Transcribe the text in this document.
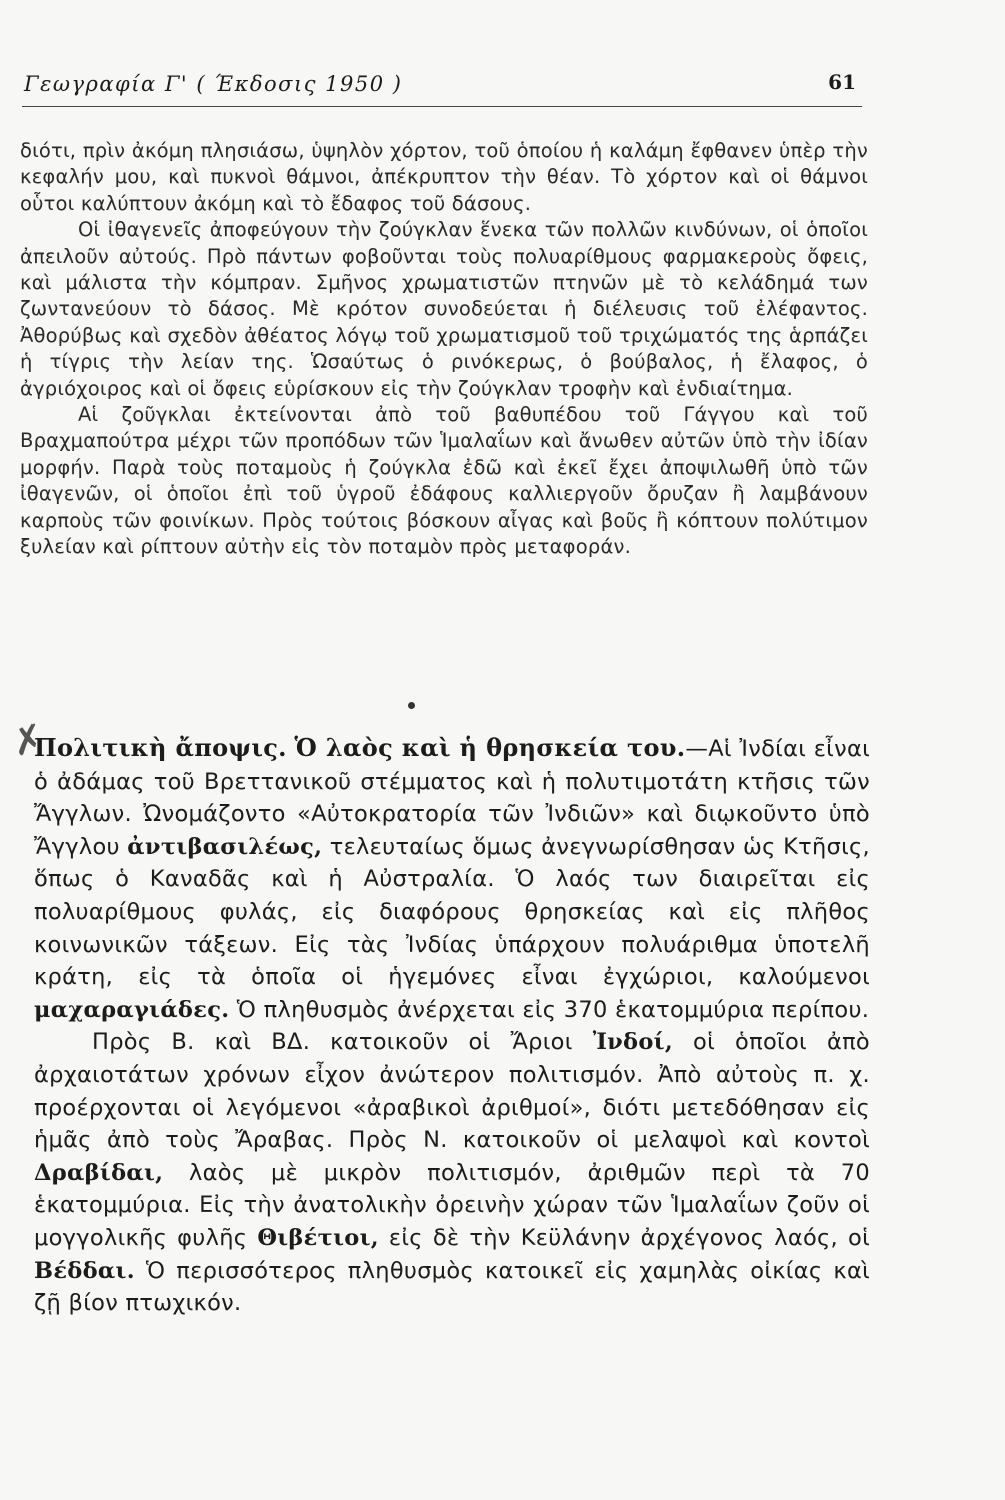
Γεωγραφία Γ' ( Έκδοσις 1950 )	61

διότι, πρὶν ἀκόμη πλησιάσω, ὑψηλὸν χόρτον, τοῦ ὁποίου ἡ καλάμη ἔφθανεν ὑπὲρ τὴν κεφαλήν μου, καὶ πυκνοὶ θάμνοι, ἀπέκρυπτον τὴν θέαν. Τὸ χόρτον καὶ οἱ θάμνοι οὗτοι καλύπτουν ἀκόμη καὶ τὸ ἔδαφος τοῦ δάσους.

Οἱ ἰθαγενεῖς ἀποφεύγουν τὴν ζούγκλαν ἕνεκα τῶν πολλῶν κινδύνων, οἱ ὁποῖοι ἀπειλοῦν αὐτούς. Πρὸ πάντων φοβοῦνται τοὺς πολυαρίθμους φαρμακεροὺς ὄφεις, καὶ μάλιστα τὴν κόμπραν. Σμῆνος χρωματιστῶν πτηνῶν μὲ τὸ κελάδημά των ζωντανεύουν τὸ δάσος. Μὲ κρότον συνοδεύεται ἡ διέλευσις τοῦ ἐλέφαντος. Ἀθορύβως καὶ σχεδὸν ἀθέατος λόγῳ τοῦ χρωματισμοῦ τοῦ τριχώματός της ἁρπάζει ἡ τίγρις τὴν λείαν της. Ὡσαύτως ὁ ρινόκερως, ὁ βούβαλος, ἡ ἔλαφος, ὁ ἀγριόχοιρος καὶ οἱ ὄφεις εὑρίσκουν εἰς τὴν ζούγκλαν τροφὴν καὶ ἐνδιαίτημα.

Αἱ ζοῦγκλαι ἐκτείνονται ἀπὸ τοῦ βαθυπέδου τοῦ Γάγγου καὶ τοῦ Βραχμαπούτρα μέχρι τῶν προπόδων τῶν Ἱμαλαΐων καὶ ἄνωθεν αὐτῶν ὑπὸ τὴν ἰδίαν μορφήν. Παρὰ τοὺς ποταμοὺς ἡ ζούγκλα ἐδῶ καὶ ἐκεῖ ἔχει ἀποψιλωθῆ ὑπὸ τῶν ἰθαγενῶν, οἱ ὁποῖοι ἐπὶ τοῦ ὑγροῦ ἐδάφους καλλιεργοῦν ὄρυζαν ἢ λαμβάνουν καρποὺς τῶν φοινίκων. Πρὸς τούτοις βόσκουν αἶγας καὶ βοῦς ἢ κόπτουν πολύτιμον ξυλείαν καὶ ρίπτουν αὐτὴν εἰς τὸν ποταμὸν πρὸς μεταφοράν.

✗

Πολιτικὴ ἄποψις. Ὁ λαὸς καὶ ἡ θρησκεία του.—Αἱ Ἰνδίαι εἶναι ὁ ἀδάμας τοῦ Βρεττανικοῦ στέμματος καὶ ἡ πολυτιμοτάτη κτῆσις τῶν Ἄγγλων. Ὠνομάζοντο «Αὐτοκρατορία τῶν Ἰνδιῶν» καὶ διῳκοῦντο ὑπὸ Ἄγγλου ἀντιβασιλέως, τελευταίως ὅμως ἀνεγνωρίσθησαν ὡς Κτῆσις, ὅπως ὁ Καναδᾶς καὶ ἡ Αὐστραλία. Ὁ λαός των διαιρεῖται εἰς πολυαρίθμους φυλάς, εἰς διαφόρους θρησκείας καὶ εἰς πλῆθος κοινωνικῶν τάξεων. Εἰς τὰς Ἰνδίας ὑπάρχουν πολυάριθμα ὑποτελῆ κράτη, εἰς τὰ ὁποῖα οἱ ἡγεμόνες εἶναι ἐγχώριοι, καλούμενοι μαχαραγιάδες. Ὁ πληθυσμὸς ἀνέρχεται εἰς 370 ἑκατομμύρια περίπου.

Πρὸς Β. καὶ ΒΔ. κατοικοῦν οἱ Ἄριοι Ἰνδοί, οἱ ὁποῖοι ἀπὸ ἀρχαιοτάτων χρόνων εἶχον ἀνώτερον πολιτισμόν. Ἀπὸ αὐτοὺς π. χ. προέρχονται οἱ λεγόμενοι «ἀραβικοὶ ἀριθμοί», διότι μετεδόθησαν εἰς ἡμᾶς ἀπὸ τοὺς Ἄραβας. Πρὸς Ν. κατοικοῦν οἱ μελαψοὶ καὶ κοντοὶ Δραβίδαι, λαὸς μὲ μικρὸν πολιτισμόν, ἀριθμῶν περὶ τὰ 70 ἑκατομμύρια. Εἰς τὴν ἀνατολικὴν ὀρεινὴν χώραν τῶν Ἱμαλαΐων ζοῦν οἱ μογγολικῆς φυλῆς Θιβέτιοι, εἰς δὲ τὴν Κεϋλάνην ἀρχέγονος λαός, οἱ Βέδδαι. Ὁ περισσότερος πληθυσμὸς κατοικεῖ εἰς χαμηλὰς οἰκίας καὶ ζῇ βίον πτωχικόν.
